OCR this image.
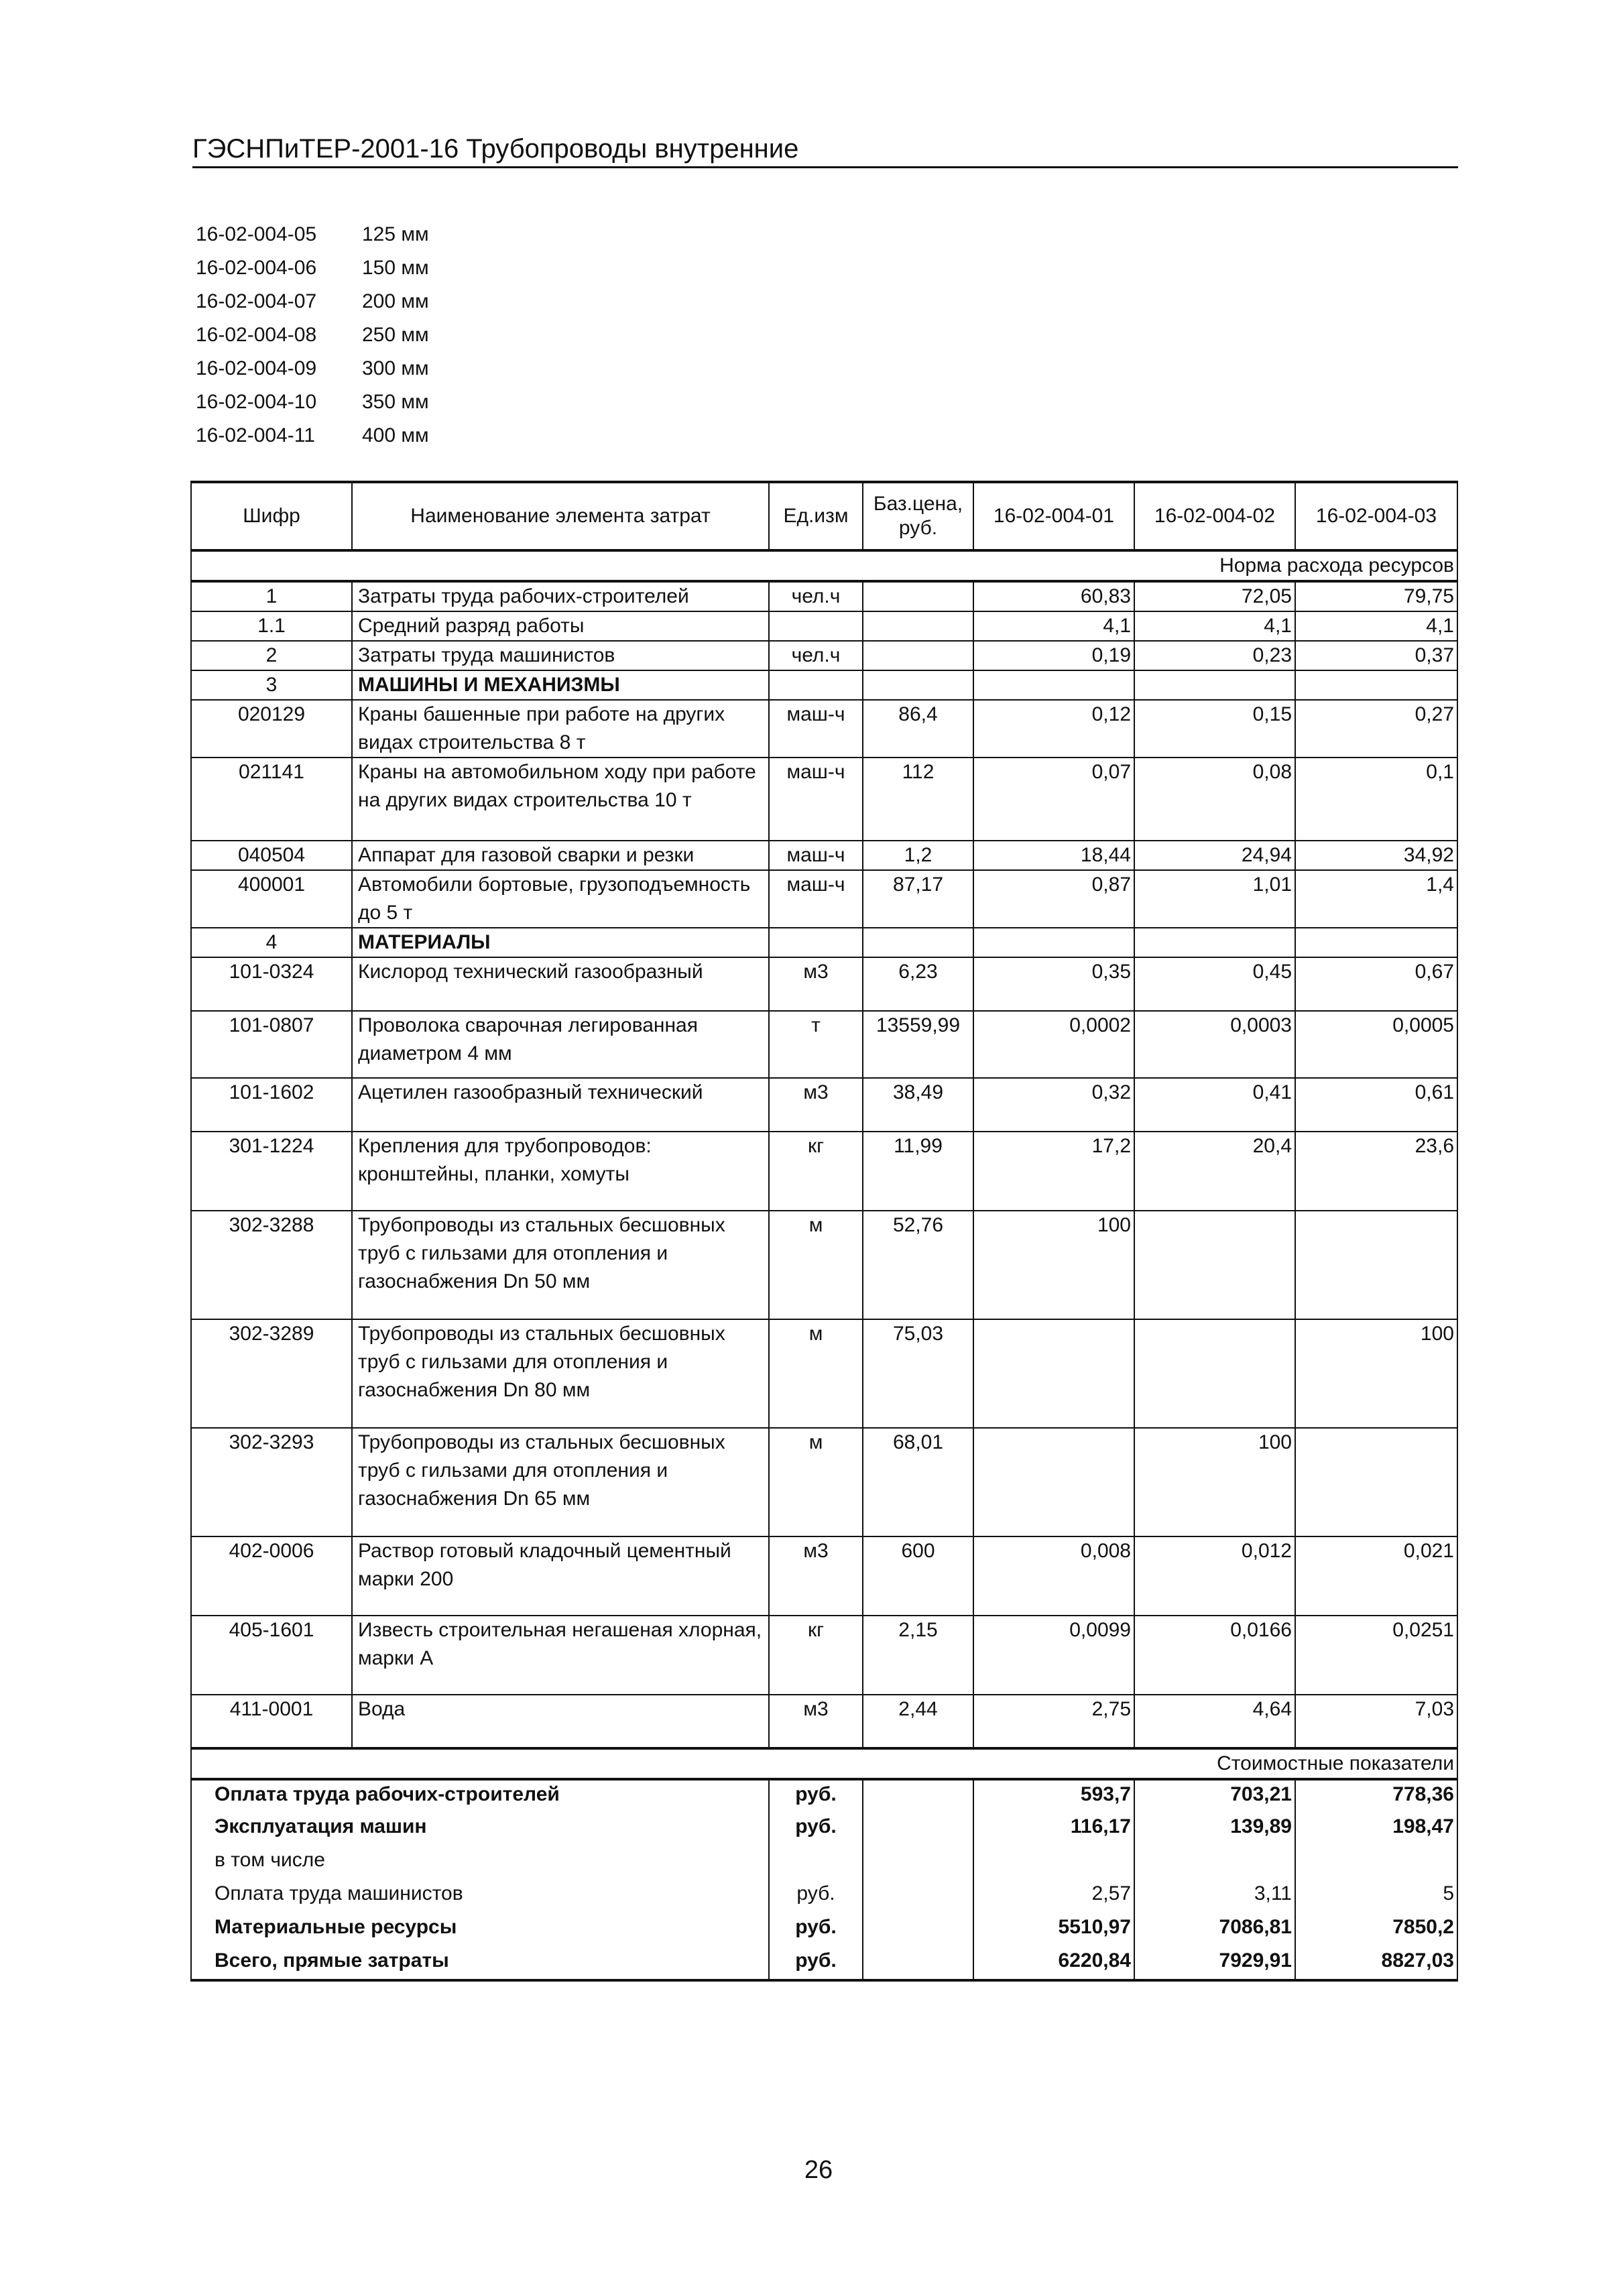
ГЭСНПиТЕР-2001-16 Трубопроводы внутренние
16-02-004-05 125 мм
16-02-004-06 150 мм
16-02-004-07 200 мм
16-02-004-08 250 мм
16-02-004-09 300 мм
16-02-004-10 350 мм
16-02-004-11 400 мм
Шифр	Наименование элемента затрат	Ед.изм	Баз.цена,
руб.	16-02-004-01	16-02-004-02	16-02-004-03
Норма расхода ресурсов						
1	Затраты труда рабочих-строителей	чел.ч		60,83	72,05	79,75
1.1	Средний разряд работы			4,1	4,1	4,1
2	Затраты труда машинистов	чел.ч		0,19	0,23	0,37
3	МАШИНЫ И МЕХАНИЗМЫ					
020129	Краны башенные при работе на других видах строительства 8 т	маш-ч	86,4	0,12	0,15	0,27
021141	Краны на автомобильном ходу при работе на других видах строительства 10 т	маш-ч	112	0,07	0,08	0,1
040504	Аппарат для газовой сварки и резки	маш-ч	1,2	18,44	24,94	34,92
400001	Автомобили бортовые, грузоподъемность до 5 т	маш-ч	87,17	0,87	1,01	1,4
4	МАТЕРИАЛЫ					
101-0324	Кислород технический газообразный	м3	6,23	0,35	0,45	0,67
101-0807	Проволока сварочная легированная диаметром 4 мм	т	13559,99	0,0002	0,0003	0,0005
101-1602	Ацетилен газообразный технический	м3	38,49	0,32	0,41	0,61
301-1224	Крепления для трубопроводов: кронштейны, планки, хомуты	кг	11,99	17,2	20,4	23,6
302-3288	Трубопроводы из стальных бесшовных труб с гильзами для отопления и газоснабжения Dn 50 мм	м	52,76	100		
302-3289	Трубопроводы из стальных бесшовных труб с гильзами для отопления и газоснабжения Dn 80 мм	м	75,03			100
302-3293	Трубопроводы из стальных бесшовных труб с гильзами для отопления и газоснабжения Dn 65 мм	м	68,01		100	
402-0006	Раствор готовый кладочный цементный марки 200	м3	600	0,008	0,012	0,021
405-1601	Известь строительная негашеная хлорная, марки А	кг	2,15	0,0099	0,0166	0,0251
411-0001	Вода	м3	2,44	2,75	4,64	7,03
Стоимостные показатели						
Оплата труда рабочих-строителей		руб.		593,7	703,21	778,36
Эксплуатация машин		руб.		116,17	139,89	198,47
в том числе						
Оплата труда машинистов		руб.		2,57	3,11	5
Материальные ресурсы		руб.		5510,97	7086,81	7850,2
Всего, прямые затраты		руб.		6220,84	7929,91	8827,03
26
